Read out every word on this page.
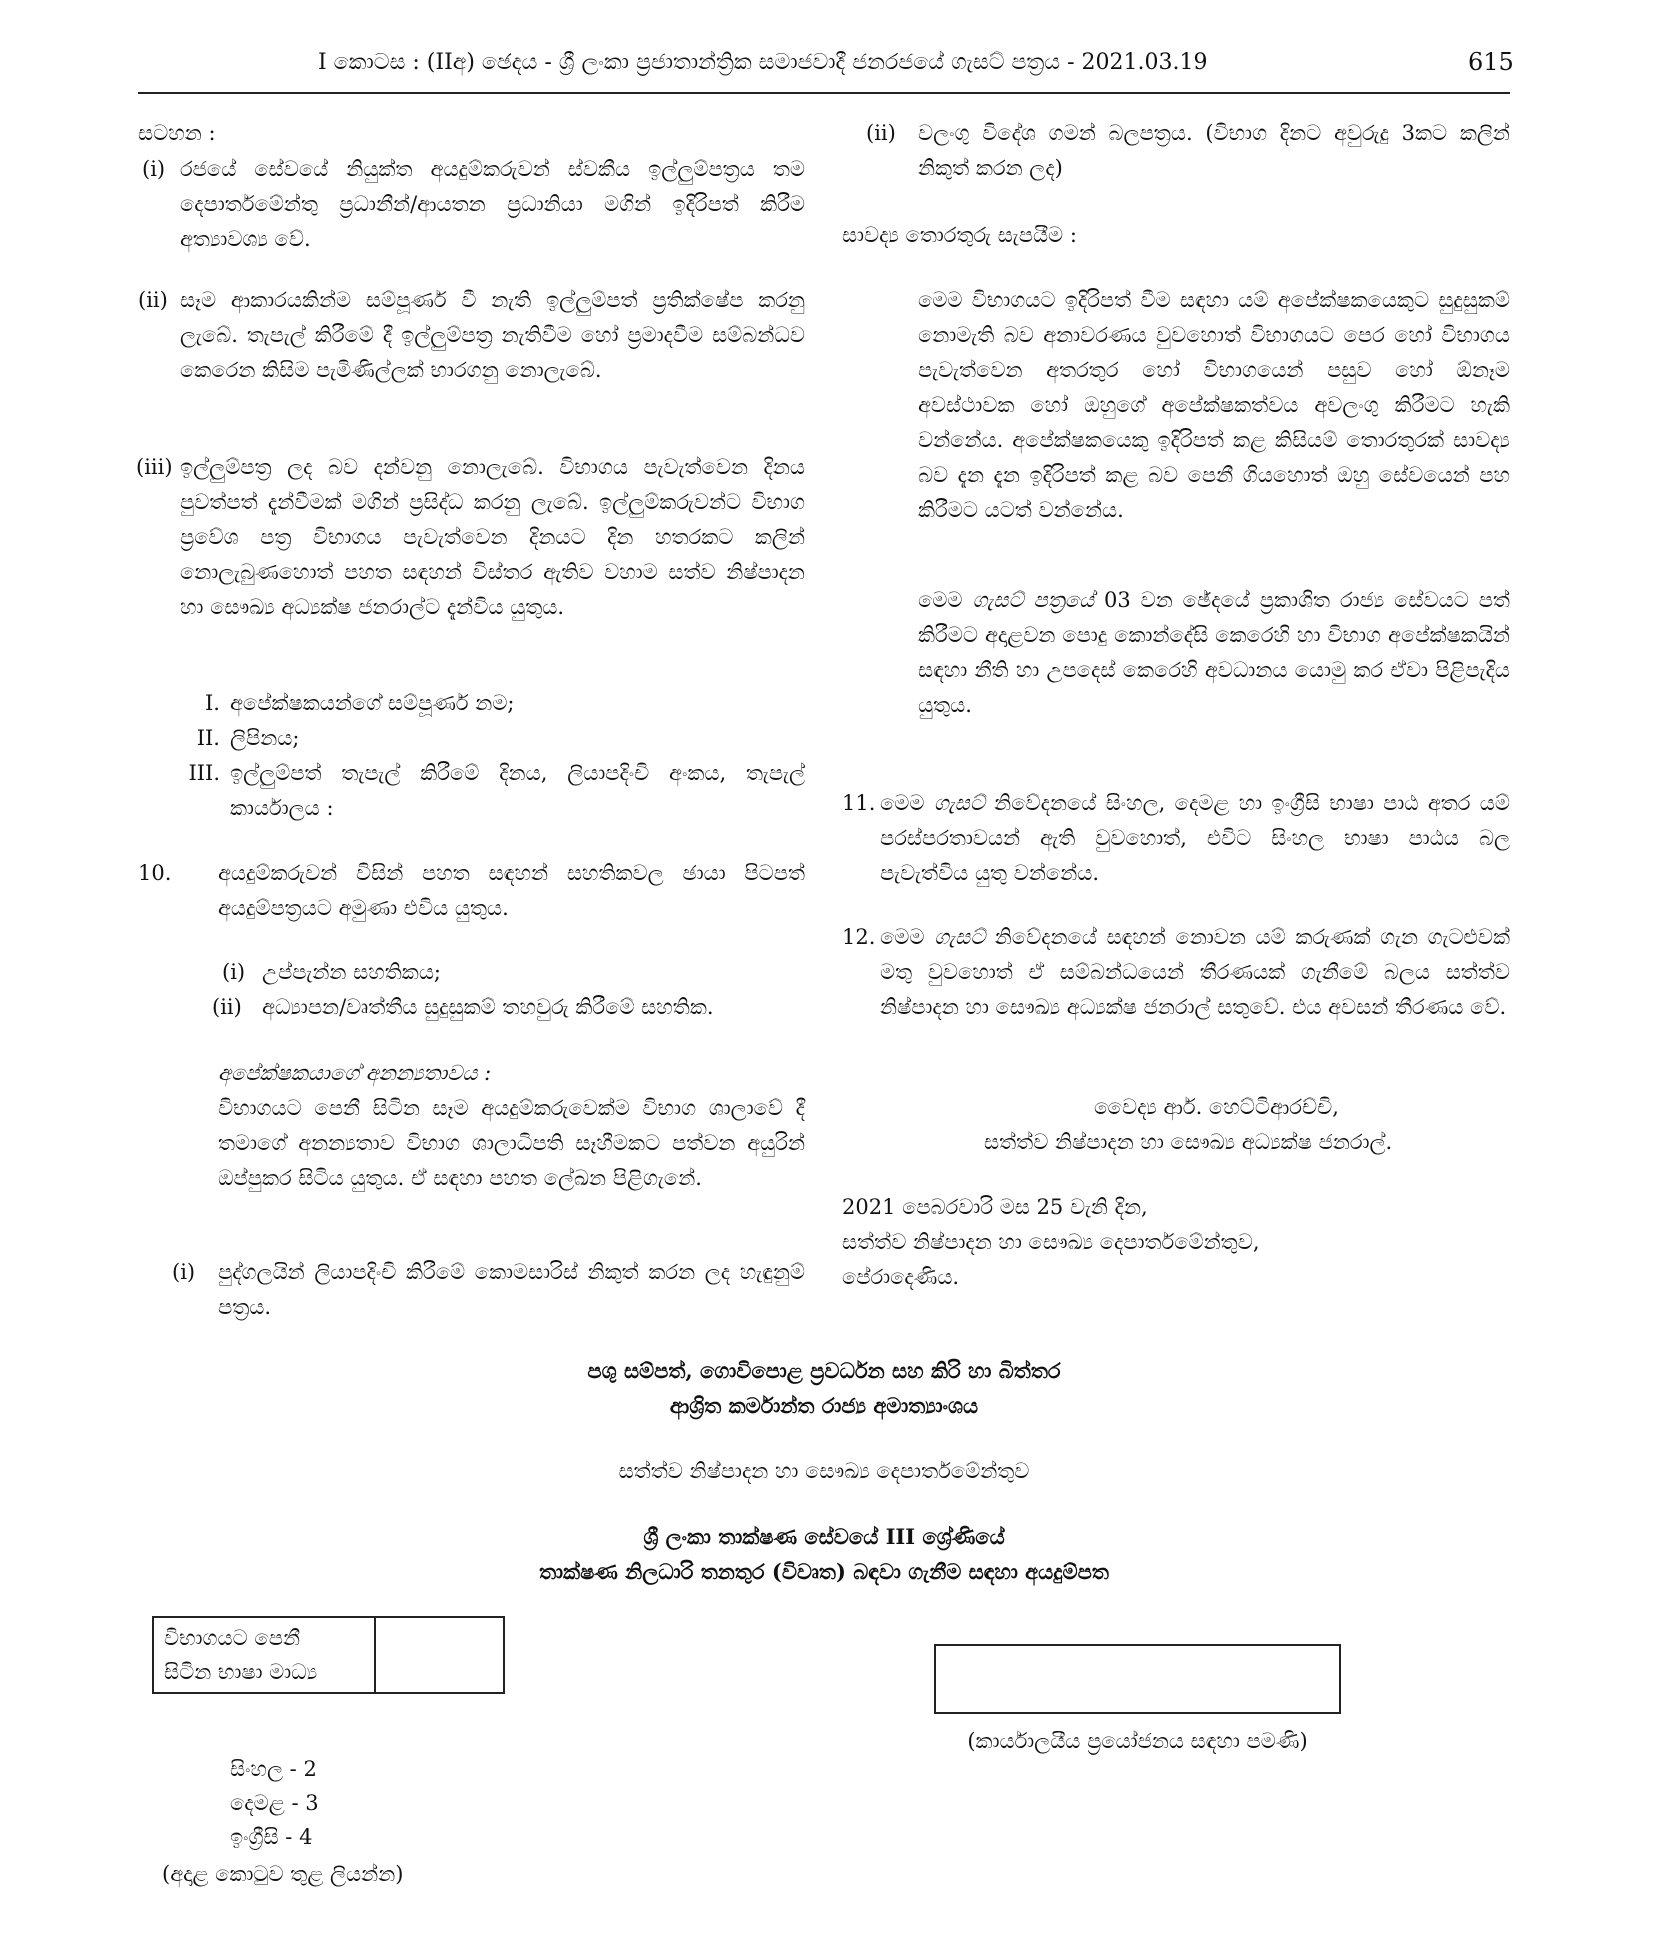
I කොටස : (IIඅ) ඡෙදය - ශ්‍රී ලංකා ප්‍රජාතාන්ත්‍රික සමාජවාදී ජනරජයේ ගැසට් පත්‍රය - 2021.03.19	615
සටහන :
(i) රජයේ සේවයේ නියුක්ත අයදුම්කරුවන් ස්වකීය ඉල්ලුම්පත්‍රය තම දෙපාර්තමේන්තු ප්‍රධානීන්/ආයතන ප්‍රධානියා මගින් ඉදිරිපත් කිරීම අත්‍යාවශ්‍ය වේ.
(ii) සෑම ආකාරයකින්ම සම්පූර්ණ වී නැති ඉල්ලුම්පත් ප්‍රතික්ෂේප කරනු ලැබේ. තැපැල් කිරීමේ දී ඉල්ලුම්පත්‍ර නැතිවීම හෝ ප්‍රමාදවීම සම්බන්ධව කෙරෙන කිසිම පැමිණිල්ලක් භාරගනු නොලැබේ.
(iii) ඉල්ලුම්පත්‍ර ලද බව දන්වනු නොලැබේ. විභාගය පැවැත්වෙන දිනය පුවත්පත් දැන්වීමක් මගින් ප්‍රසිද්ධ කරනු ලැබේ. ඉල්ලුම්කරුවන්ට විභාග ප්‍රවේශ පත්‍ර විභාගය පැවැත්වෙන දිනයට දින හතරකට කලින් නොලැබුණහොත් පහත සඳහන් විස්තර ඇතිව වහාම සත්ව නිෂ්පාදන හා සෞඛ්‍ය අධ්‍යක්ෂ ජනරාල්ට දැන්විය යුතුය.
I. අපේක්ෂකයන්ගේ සම්පූර්ණ නම;
II. ලිපිනය;
III. ඉල්ලුම්පත් තැපැල් කිරීමේ දිනය, ලියාපදිංචි අංකය, තැපැල් කාර්යාලය :
10. අයදුම්කරුවන් විසින් පහත සඳහන් සහතිකවල ඡායා පිටපත් අයදුම්පත්‍රයට අමුණා එවිය යුතුය.
(i) උප්පැන්න සහතිකය;
(ii) අධ්‍යාපන/වෘත්තීය සුදුසුකම් තහවුරු කිරීමේ සහතික.
අපේක්ෂකයාගේ අනන්‍යතාවය :
විභාගයට පෙනී සිටින සෑම අයදුම්කරුවෙක්ම විභාග ශාලාවේ දී තමාගේ අනන්‍යතාව විභාග ශාලාධිපති සෑහීමකට පත්වන අයුරින් ඔප්පුකර සිටිය යුතුය. ඒ සඳහා පහත ලේඛන පිළිගැනේ.
(i) පුද්ගලයින් ලියාපදිංචි කිරීමේ කොමසාරිස් නිකුත් කරන ලද හැඳුනුම් පත්‍රය.
(ii) වලංගු විදේශ ගමන් බලපත්‍රය. (විභාග දිනට අවුරුදු 3කට කලින් නිකුත් කරන ලද)
සාවද්‍ය තොරතුරු සැපයීම :
මෙම විභාගයට ඉදිරිපත් වීම සඳහා යම් අපේක්ෂකයෙකුට සුදුසුකම් නොමැති බව අනාවරණය වුවහොත් විභාගයට පෙර හෝ විභාගය පැවැත්වෙන අතරතුර හෝ විභාගයෙන් පසුව හෝ ඕනෑම අවස්ථාවක හෝ ඔහුගේ අපේක්ෂකත්වය අවලංගු කිරීමට හැකි වන්නේය. අපේක්ෂකයෙකු ඉදිරිපත් කළ කිසියම් තොරතුරක් සාවද්‍ය බව දැන දැන ඉදිරිපත් කළ බව පෙනී ගියහොත් ඔහු සේවයෙන් පහ කිරීමට යටත් වන්නේය.
මෙම ගැසට් පත්‍රයේ 03 වන ඡේදයේ ප්‍රකාශිත රාජ්‍ය සේවයට පත් කිරීමට අදාළවන පොදු කොන්දේසි කෙරෙහි හා විභාග අපේක්ෂකයින් සඳහා නීති හා උපදෙස් කෙරෙහි අවධානය යොමු කර ඒවා පිළිපැදිය යුතුය.
11. මෙම ගැසට් නිවේදනයේ සිංහල, දෙමළ හා ඉංග්‍රීසි භාෂා පාඨ අතර යම් පරස්පරතාවයන් ඇති වුවහොත්, එවිට සිංහල භාෂා පාඨය බල පැවැත්විය යුතු වන්නේය.
12. මෙම ගැසට් නිවේදනයේ සඳහන් නොවන යම් කරුණක් ගැන ගැටළුවක් මතු වුවහොත් ඒ සම්බන්ධයෙන් තීරණයක් ගැනීමේ බලය සත්ත්ව නිෂ්පාදන හා සෞඛ්‍ය අධ්‍යක්ෂ ජනරාල් සතුවේ. එය අවසන් තීරණය වේ.
වෛද්‍ය ආර්. හෙට්ටිආරච්චි,
සත්ත්ව නිෂ්පාදන හා සෞඛ්‍ය අධ්‍යක්ෂ ජනරාල්.
2021 පෙබරවාරි මස 25 වැනි දින,
සත්ත්ව නිෂ්පාදන හා සෞඛ්‍ය දෙපාර්තමේන්තුව,
පේරාදෙණිය.
පශු සම්පත්, ගොවිපොළ ප්‍රවර්ධන සහ කිරි හා බිත්තර
ආශ්‍රිත කර්මාන්ත රාජ්‍ය අමාත්‍යාංශය
සත්ත්ව නිෂ්පාදන හා සෞඛ්‍ය දෙපාර්තමේන්තුව
ශ්‍රී ලංකා තාක්ෂණ සේවයේ III ශ්‍රේණියේ
තාක්ෂණ නිලධාරි තනතුර (විවෘත) බඳවා ගැනීම සඳහා අයදුම්පත
විභාගයට පෙනී
සිටින භාෂා මාධ්‍ය

(කාර්යාලයීය ප්‍රයෝජනය සඳහා පමණි)
සිංහල - 2
දෙමළ - 3
ඉංග්‍රීසි - 4
(අදාළ කොටුව තුළ ලියන්න)
